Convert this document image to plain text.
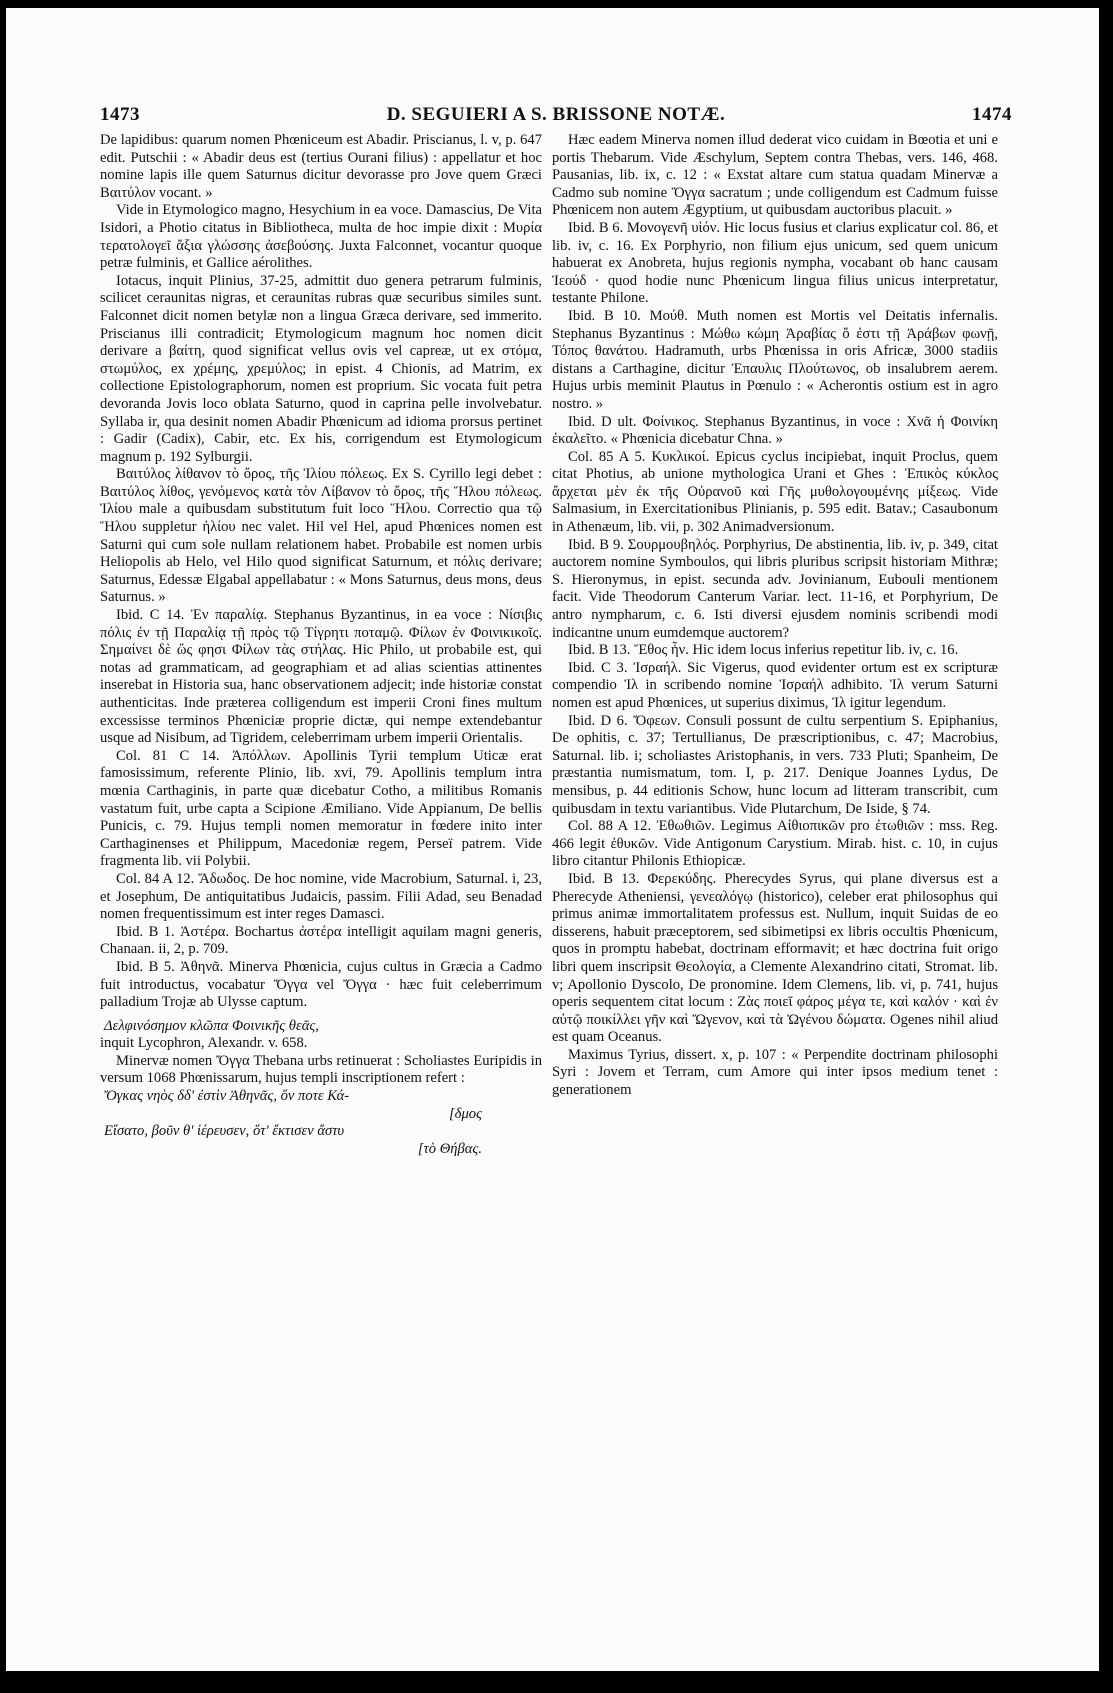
1473	D. SEGUIERI A S. BRISSONE NOTÆ.	1474

De lapidibus: quarum nomen Phœniceum est Abadir. Priscianus, l. v, p. 647 edit. Putschii : « Abadir deus est (tertius Ourani filius) : appellatur et hoc nomine lapis ille quem Saturnus dicitur devorasse pro Jove quem Græci Βαιτύλον vocant. »

Vide in Etymologico magno, Hesychium in ea voce. Damascius, De Vita Isidori, a Photio citatus in Bibliotheca, multa de hoc impie dixit : Μυρία τερατολογεῖ ἄξια γλώσσης ἀσεβούσης. Juxta Falconnet, vocantur quoque petræ fulminis, et Gallice aérolithes.

Iotacus, inquit Plinius, 37-25, admittit duo genera petrarum fulminis, scilicet ceraunitas nigras, et ceraunitas rubras quæ securibus similes sunt. Falconnet dicit nomen betylæ non a lingua Græca derivare, sed immerito. Priscianus illi contradicit; Etymologicum magnum hoc nomen dicit derivare a βαίτη, quod significat vellus ovis vel capreæ, ut ex στόμα, στωμύλος, ex χρέμης, χρεμύλος; in epist. 4 Chionis, ad Matrim, ex collectione Epistolographorum, nomen est proprium. Sic vocata fuit petra devoranda Jovis loco oblata Saturno, quod in caprina pelle involvebatur. Syllaba ir, qua desinit nomen Abadir Phœnicum ad idioma prorsus pertinet : Gadir (Cadix), Cabir, etc. Ex his, corrigendum est Etymologicum magnum p. 192 Sylburgii.

Βαιτύλος λίθανον τὸ ὄρος, τῆς Ἰλίου πόλεως. Ex S. Cyrillo legi debet : Βαιτύλος λίθος, γενόμενος κατὰ τὸν Λίβανον τὸ ὄρος, τῆς Ἥλου πόλεως. Ἰλίου male a quibusdam substitutum fuit loco Ἥλου. Correctio qua τῷ Ἥλου suppletur ἡλίου nec valet. Hil vel Hel, apud Phœnices nomen est Saturni qui cum sole nullam relationem habet. Probabile est nomen urbis Heliopolis ab Helo, vel Hilo quod significat Saturnum, et πόλις derivare; Saturnus, Edessæ Elgabal appellabatur : « Mons Saturnus, deus mons, deus Saturnus. »

Ibid. C 14. Ἐν παραλίᾳ. Stephanus Byzantinus, in ea voce : Νίσιβις πόλις ἐν τῇ Παραλίᾳ τῇ πρὸς τῷ Τίγρητι ποταμῷ. Φίλων ἐν Φοινικικοῖς. Σημαίνει δὲ ὥς φησι Φίλων τὰς στήλας. Hic Philo, ut probabile est, qui notas ad grammaticam, ad geographiam et ad alias scientias attinentes inserebat in Historia sua, hanc observationem adjecit; inde historiæ constat authenticitas. Inde præterea colligendum est imperii Croni fines multum excessisse terminos Phœniciæ proprie dictæ, qui nempe extendebantur usque ad Nisibum, ad Tigridem, celeberrimam urbem imperii Orientalis.

Col. 81 C 14. Ἀπόλλων. Apollinis Tyrii templum Uticæ erat famosissimum, referente Plinio, lib. xvi, 79. Apollinis templum intra mœnia Carthaginis, in parte quæ dicebatur Cotho, a militibus Romanis vastatum fuit, urbe capta a Scipione Æmiliano. Vide Appianum, De bellis Punicis, c. 79. Hujus templi nomen memoratur in fœdere inito inter Carthaginenses et Philippum, Macedoniæ regem, Perseï patrem. Vide fragmenta lib. vii Polybii.

Col. 84 A 12. Ἄδωδος. De hoc nomine, vide Macrobium, Saturnal. i, 23, et Josephum, De antiquitatibus Judaicis, passim. Filii Adad, seu Benadad nomen frequentissimum est inter reges Damasci.

Ibid. B 1. Ἀστέρα. Bochartus ἀστέρα intelligit aquilam magni generis, Chanaan. ii, 2, p. 709.

Ibid. B 5. Ἀθηνᾶ. Minerva Phœnicia, cujus cultus in Græcia a Cadmo fuit introductus, vocabatur Ὄγγα vel Ὄγγα · hæc fuit celeberrimum palladium Trojæ ab Ulysse captum.

Δελφινόσημον κλῶπα Φοινικῆς θεᾶς,

inquit Lycophron, Alexandr. v. 658.

Minervæ nomen Ὄγγα Thebana urbs retinuerat : Scholiastes Euripidis in versum 1068 Phœnissarum, hujus templi inscriptionem refert :

Ὄγκας νηὸς δδ' ἐστὶν Ἀθηνᾶς, ὅν ποτε Κά-

[δμος

Εἴσατο, βοῦν θ' ἱέρευσεν, ὅτ' ἔκτισεν ἄστυ

[τὸ Θήβας.

Hæc eadem Minerva nomen illud dederat vico cuidam in Bœotia et uni e portis Thebarum. Vide Æschylum, Septem contra Thebas, vers. 146, 468. Pausanias, lib. ix, c. 12 : « Exstat altare cum statua quadam Minervæ a Cadmo sub nomine Ὄγγα sacratum ; unde colligendum est Cadmum fuisse Phœnicem non autem Ægyptium, ut quibusdam auctoribus placuit. »

Ibid. B 6. Μονογενῆ υἱόν. Hic locus fusius et clarius explicatur col. 86, et lib. iv, c. 16. Ex Porphyrio, non filium ejus unicum, sed quem unicum habuerat ex Anobreta, hujus regionis nympha, vocabant ob hanc causam Ἰεούδ · quod hodie nunc Phœnicum lingua filius unicus interpretatur, testante Philone.

Ibid. B 10. Μούθ. Muth nomen est Mortis vel Deitatis infernalis. Stephanus Byzantinus : Μώθω κώμη Ἀραβίας ὅ ἐστι τῇ Ἀράβων φωνῇ, Τόπος θανάτου. Hadramuth, urbs Phœnissa in oris Africæ, 3000 stadiis distans a Carthagine, dicitur Ἐπαυλις Πλούτωνος, ob insalubrem aerem. Hujus urbis meminit Plautus in Pœnulo : « Acherontis ostium est in agro nostro. »

Ibid. D ult. Φοίνικος. Stephanus Byzantinus, in voce : Χνᾶ ἡ Φοινίκη ἐκαλεῖτο. « Phœnicia dicebatur Chna. »

Col. 85 A 5. Κυκλικοί. Epicus cyclus incipiebat, inquit Proclus, quem citat Photius, ab unione mythologica Urani et Ghes : Ἐπικὸς κύκλος ἄρχεται μὲν ἐκ τῆς Οὐρανοῦ καὶ Γῆς μυθολογουμένης μίξεως. Vide Salmasium, in Exercitationibus Plinianis, p. 595 edit. Batav.; Casaubonum in Athenæum, lib. vii, p. 302 Animadversionum.

Ibid. B 9. Σουρμουβηλός. Porphyrius, De abstinentia, lib. iv, p. 349, citat auctorem nomine Symboulos, qui libris pluribus scripsit historiam Mithræ; S. Hieronymus, in epist. secunda adv. Jovinianum, Eubouli mentionem facit. Vide Theodorum Canterum Variar. lect. 11-16, et Porphyrium, De antro nympharum, c. 6. Isti diversi ejusdem nominis scribendi modi indicantne unum eumdemque auctorem?

Ibid. B 13. Ἔθος ἦν. Hic idem locus inferius repetitur lib. iv, c. 16.

Ibid. C 3. Ἰσραήλ. Sic Vigerus, quod evidenter ortum est ex scripturæ compendio Ἰλ in scribendo nomine Ἰσραήλ adhibito. Ἰλ verum Saturni nomen est apud Phœnices, ut superius diximus, Ἰλ igitur legendum.

Ibid. D 6. Ὄφεων. Consuli possunt de cultu serpentium S. Epiphanius, De ophitis, c. 37; Tertullianus, De præscriptionibus, c. 47; Macrobius, Saturnal. lib. i; scholiastes Aristophanis, in vers. 733 Pluti; Spanheim, De præstantia numismatum, tom. I, p. 217. Denique Joannes Lydus, De mensibus, p. 44 editionis Schow, hunc locum ad litteram transcribit, cum quibusdam in textu variantibus. Vide Plutarchum, De Iside, § 74.

Col. 88 A 12. Ἐθωθιῶν. Legimus Αἰθιοπικῶν pro ἐτωθιῶν : mss. Reg. 466 legit ἐθυκῶν. Vide Antigonum Carystium. Mirab. hist. c. 10, in cujus libro citantur Philonis Ethiopicæ.

Ibid. B 13. Φερεκύδης. Pherecydes Syrus, qui plane diversus est a Pherecyde Atheniensi, γενεαλόγῳ (historico), celeber erat philosophus qui primus animæ immortalitatem professus est. Nullum, inquit Suidas de eo disserens, habuit præceptorem, sed sibimetipsi ex libris occultis Phœnicum, quos in promptu habebat, doctrinam efformavit; et hæc doctrina fuit origo libri quem inscripsit Θεολογία, a Clemente Alexandrino citati, Stromat. lib. v; Apollonio Dyscolo, De pronomine. Idem Clemens, lib. vi, p. 741, hujus operis sequentem citat locum : Ζὰς ποιεῖ φάρος μέγα τε, καὶ καλόν · καὶ ἐν αὐτῷ ποικίλλει γῆν καὶ Ὤγενον, καὶ τὰ Ὠγένου δώματα. Ogenes nihil aliud est quam Oceanus.

Maximus Tyrius, dissert. x, p. 107 : « Perpendite doctrinam philosophi Syri : Jovem et Terram, cum Amore qui inter ipsos medium tenet : generationem
